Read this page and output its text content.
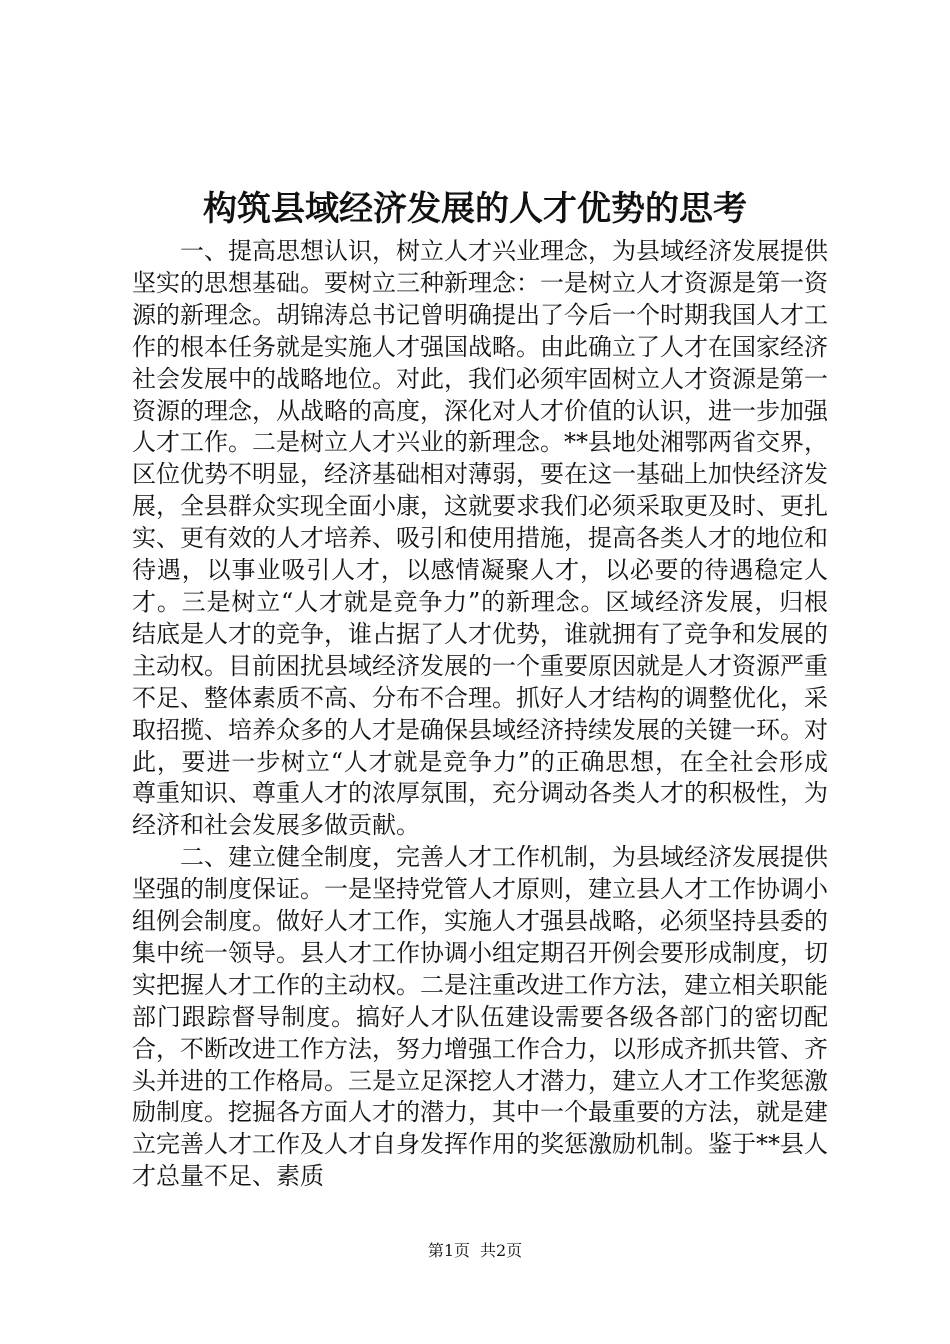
构筑县域经济发展的人才优势的思考

一、提高思想认识，树立人才兴业理念，为县域经济发展提供坚实的思想基础。要树立三种新理念：一是树立人才资源是第一资源的新理念。胡锦涛总书记曾明确提出了今后一个时期我国人才工作的根本任务就是实施人才强国战略。由此确立了人才在国家经济社会发展中的战略地位。对此，我们必须牢固树立人才资源是第一资源的理念，从战略的高度，深化对人才价值的认识，进一步加强人才工作。二是树立人才兴业的新理念。**县地处湘鄂两省交界，区位优势不明显，经济基础相对薄弱，要在这一基础上加快经济发展，全县群众实现全面小康，这就要求我们必须采取更及时、更扎实、更有效的人才培养、吸引和使用措施，提高各类人才的地位和待遇，以事业吸引人才，以感情凝聚人才，以必要的待遇稳定人才。三是树立“人才就是竞争力”的新理念。区域经济发展，归根结底是人才的竞争，谁占据了人才优势，谁就拥有了竞争和发展的主动权。目前困扰县域经济发展的一个重要原因就是人才资源严重不足、整体素质不高、分布不合理。抓好人才结构的调整优化，采取招揽、培养众多的人才是确保县域经济持续发展的关键一环。对此，要进一步树立“人才就是竞争力”的正确思想，在全社会形成尊重知识、尊重人才的浓厚氛围，充分调动各类人才的积极性，为经济和社会发展多做贡献。

二、建立健全制度，完善人才工作机制，为县域经济发展提供坚强的制度保证。一是坚持党管人才原则，建立县人才工作协调小组例会制度。做好人才工作，实施人才强县战略，必须坚持县委的集中统一领导。县人才工作协调小组定期召开例会要形成制度，切实把握人才工作的主动权。二是注重改进工作方法，建立相关职能部门跟踪督导制度。搞好人才队伍建设需要各级各部门的密切配合，不断改进工作方法，努力增强工作合力，以形成齐抓共管、齐头并进的工作格局。三是立足深挖人才潜力，建立人才工作奖惩激励制度。挖掘各方面人才的潜力，其中一个最重要的方法，就是建立完善人才工作及人才自身发挥作用的奖惩激励机制。鉴于**县人才总量不足、素质

第1页 共2页
